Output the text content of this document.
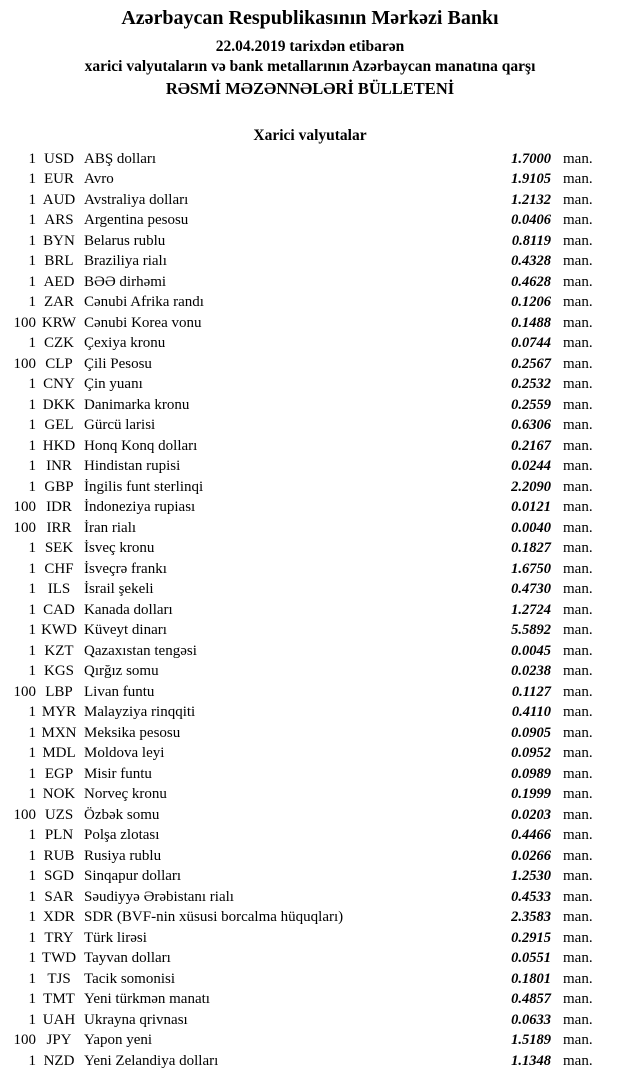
Azərbaycan Respublikasının Mərkəzi Bankı
22.04.2019 tarixdən etibarən
xarici valyutaların və bank metallarının Azərbaycan manatına qarşı
RƏSMİ MƏZƏNNƏLƏRİ BÜLLETENİ
Xarici valyutalar
1 USD ABŞ dolları	1.7000 man.
1 EUR Avro	1.9105 man.
1 AUD Avstraliya dolları	1.2132 man.
1 ARS Argentina pesosu	0.0406 man.
1 BYN Belarus rublu	0.8119 man.
1 BRL Braziliya rialı	0.4328 man.
1 AED BƏƏ dirhəmi	0.4628 man.
1 ZAR Cənubi Afrika randı	0.1206 man.
100 KRW Cənubi Korea vonu	0.1488 man.
1 CZK Çexiya kronu	0.0744 man.
100 CLP Çili Pesosu	0.2567 man.
1 CNY Çin yuanı	0.2532 man.
1 DKK Danimarka kronu	0.2559 man.
1 GEL Gürcü larisi	0.6306 man.
1 HKD Honq Konq dolları	0.2167 man.
1 INR Hindistan rupisi	0.0244 man.
1 GBP İngilis funt sterlinqi	2.2090 man.
100 IDR İndoneziya rupiası	0.0121 man.
100 IRR İran rialı	0.0040 man.
1 SEK İsveç kronu	0.1827 man.
1 CHF İsveçrə frankı	1.6750 man.
1 ILS İsrail şekeli	0.4730 man.
1 CAD Kanada dolları	1.2724 man.
1 KWD Küveyt dinarı	5.5892 man.
1 KZT Qazaxıstan tengəsi	0.0045 man.
1 KGS Qırğız somu	0.0238 man.
100 LBP Livan funtu	0.1127 man.
1 MYR Malayziya rinqqiti	0.4110 man.
1 MXN Meksika pesosu	0.0905 man.
1 MDL Moldova leyi	0.0952 man.
1 EGP Misir funtu	0.0989 man.
1 NOK Norveç kronu	0.1999 man.
100 UZS Özbək somu	0.0203 man.
1 PLN Polşa zlotası	0.4466 man.
1 RUB Rusiya rublu	0.0266 man.
1 SGD Sinqapur dolları	1.2530 man.
1 SAR Səudiyyə Ərəbistanı rialı	0.4533 man.
1 XDR SDR (BVF-nin xüsusi borcalma hüquqları)	2.3583 man.
1 TRY Türk lirəsi	0.2915 man.
1 TWD Tayvan dolları	0.0551 man.
1 TJS Tacik somonisi	0.1801 man.
1 TMT Yeni türkmən manatı	0.4857 man.
1 UAH Ukrayna qrivnası	0.0633 man.
100 JPY Yapon yeni	1.5189 man.
1 NZD Yeni Zelandiya dolları	1.1348 man.
